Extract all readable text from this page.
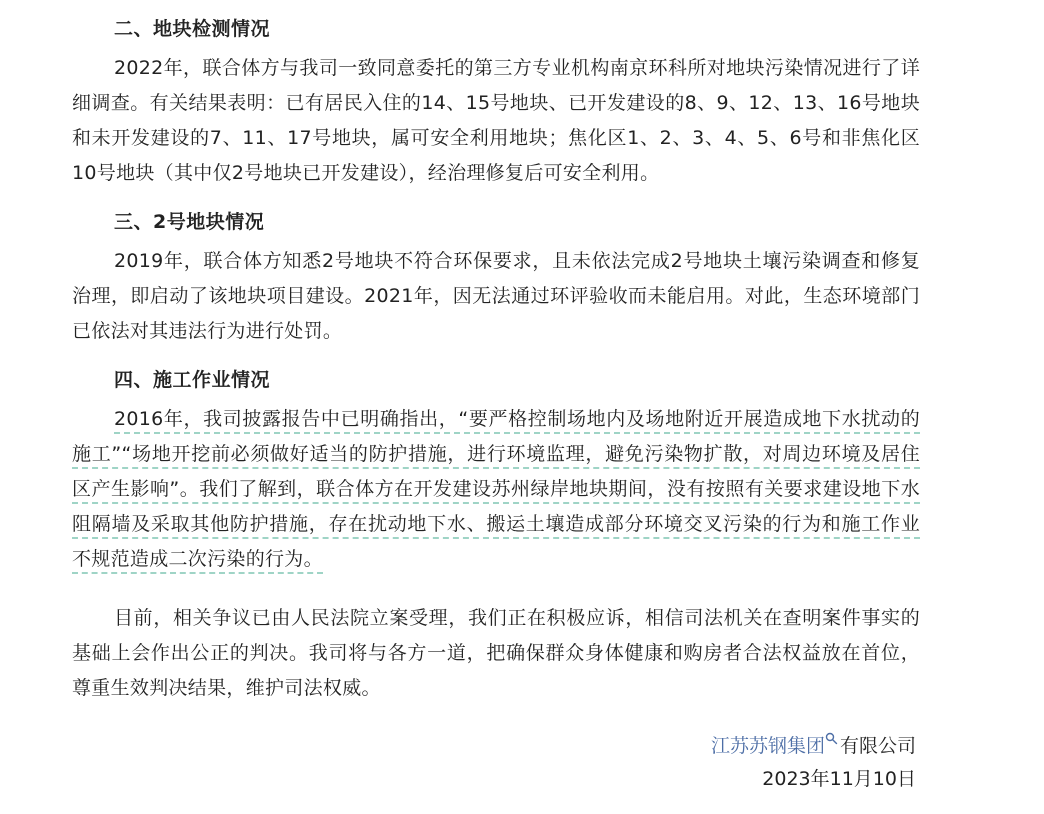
二、地块检测情况

2022年，联合体方与我司一致同意委托的第三方专业机构南京环科所对地块污染情况进行了详细调查。有关结果表明：已有居民入住的14、15号地块、已开发建设的8、9、12、13、16号地块和未开发建设的7、11、17号地块，属可安全利用地块；焦化区1、2、3、4、5、6号和非焦化区10号地块（其中仅2号地块已开发建设），经治理修复后可安全利用。

三、2号地块情况

2019年，联合体方知悉2号地块不符合环保要求，且未依法完成2号地块土壤污染调查和修复治理，即启动了该地块项目建设。2021年，因无法通过环评验收而未能启用。对此，生态环境部门已依法对其违法行为进行处罚。

四、施工作业情况

2016年，我司披露报告中已明确指出，“要严格控制场地内及场地附近开展造成地下水扰动的施工”“场地开挖前必须做好适当的防护措施，进行环境监理，避免污染物扩散，对周边环境及居住区产生影响”。我们了解到，联合体方在开发建设苏州绿岸地块期间，没有按照有关要求建设地下水阻隔墙及采取其他防护措施，存在扰动地下水、搬运土壤造成部分环境交叉污染的行为和施工作业不规范造成二次污染的行为。

目前，相关争议已由人民法院立案受理，我们正在积极应诉，相信司法机关在查明案件事实的基础上会作出公正的判决。我司将与各方一道，把确保群众身体健康和购房者合法权益放在首位，尊重生效判决结果，维护司法权威。

江苏苏钢集团 有限公司
2023年11月10日
